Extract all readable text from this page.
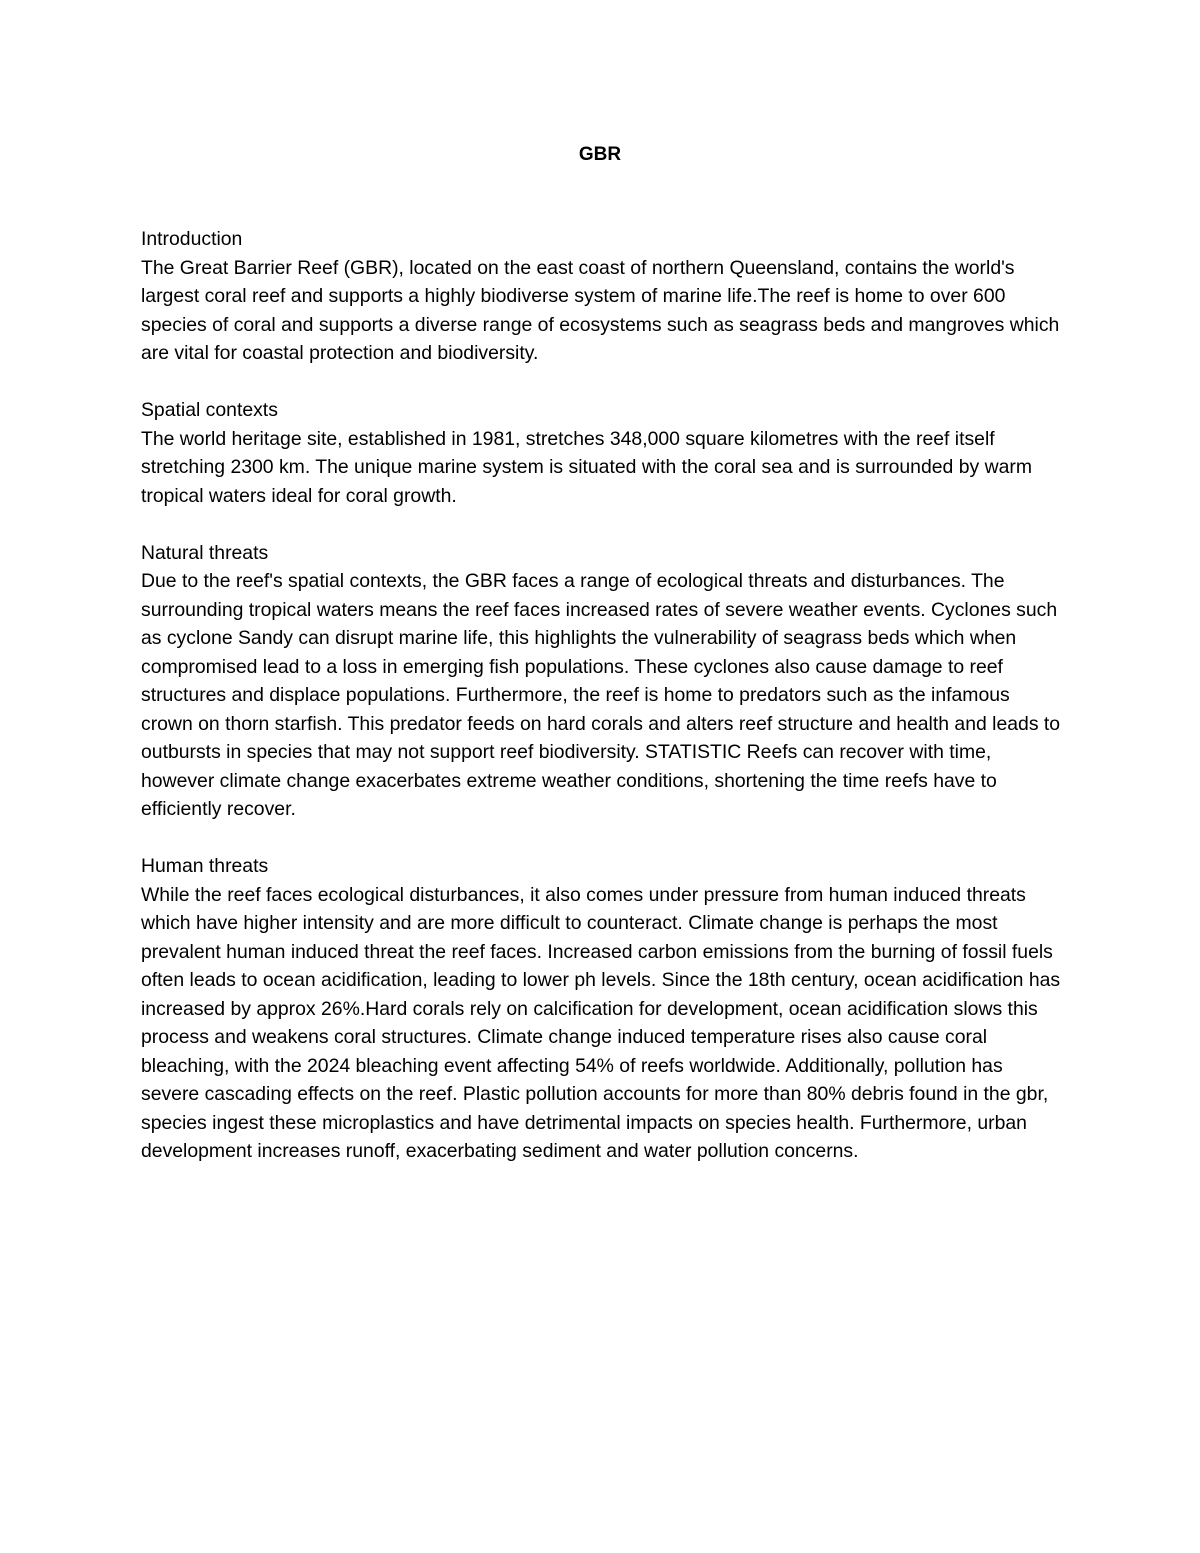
GBR

Introduction

The Great Barrier Reef (GBR), located on the east coast of northern Queensland, contains the world's largest coral reef and supports a highly biodiverse system of marine life.The reef is home to over 600 species of coral and supports a diverse range of ecosystems such as seagrass beds and mangroves which are vital for coastal protection and biodiversity.

Spatial contexts

The world heritage site, established in 1981, stretches 348,000 square kilometres with the reef itself stretching 2300 km. The unique marine system is situated with the coral sea and is surrounded by warm tropical waters ideal for coral growth.

Natural threats

Due to the reef's spatial contexts, the GBR faces a range of ecological threats and disturbances. The surrounding tropical waters means the reef faces increased rates of severe weather events. Cyclones such as cyclone Sandy can disrupt marine life, this highlights the vulnerability of seagrass beds which when compromised lead to a loss in emerging fish populations. These cyclones also cause damage to reef structures and displace populations. Furthermore, the reef is home to predators such as the infamous crown on thorn starfish. This predator feeds on hard corals and alters reef structure and health and leads to outbursts in species that may not support reef biodiversity. STATISTIC Reefs can recover with time, however climate change exacerbates extreme weather conditions, shortening the time reefs have to efficiently recover.

Human threats

While the reef faces ecological disturbances, it also comes under pressure from human induced threats which have higher intensity and are more difficult to counteract. Climate change is perhaps the most prevalent human induced threat the reef faces. Increased carbon emissions from the burning of fossil fuels often leads to ocean acidification, leading to lower ph levels. Since the 18th century, ocean acidification has increased by approx 26%.Hard corals rely on calcification for development, ocean acidification slows this process and weakens coral structures. Climate change induced temperature rises also cause coral bleaching, with the 2024 bleaching event affecting 54% of reefs worldwide. Additionally, pollution has severe cascading effects on the reef. Plastic pollution accounts for more than 80% debris found in the gbr, species ingest these microplastics and have detrimental impacts on species health. Furthermore, urban development increases runoff, exacerbating sediment and water pollution concerns.
